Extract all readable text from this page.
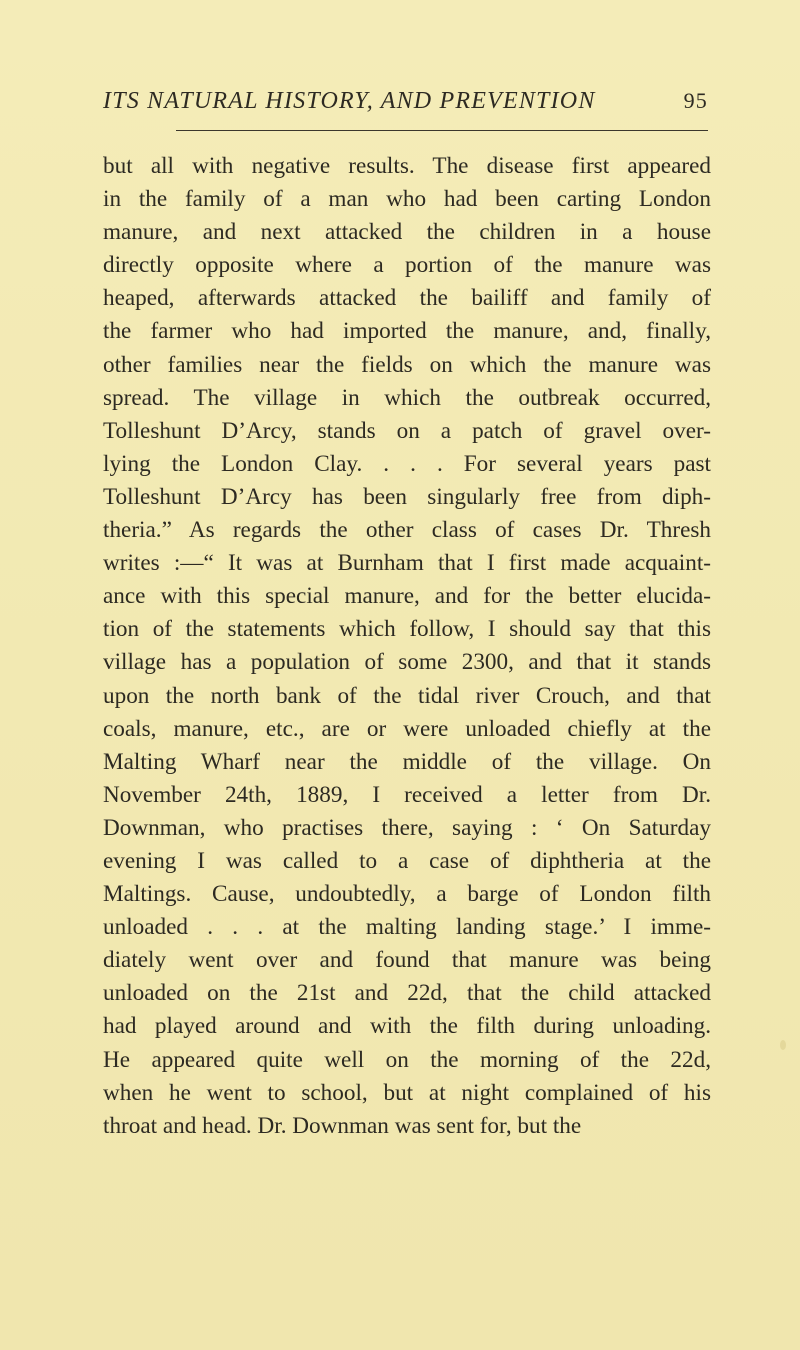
ITS NATURAL HISTORY, AND PREVENTION	95
but all with negative results. The disease first appeared
in the family of a man who had been carting London
manure, and next attacked the children in a house
directly opposite where a portion of the manure was
heaped, afterwards attacked the bailiff and family of
the farmer who had imported the manure, and, finally,
other families near the fields on which the manure was
spread. The village in which the outbreak occurred,
Tolleshunt D’Arcy, stands on a patch of gravel over-
lying the London Clay. . . . For several years past
Tolleshunt D’Arcy has been singularly free from diph-
theria.” As regards the other class of cases Dr. Thresh
writes :—“ It was at Burnham that I first made acquaint-
ance with this special manure, and for the better elucida-
tion of the statements which follow, I should say that this
village has a population of some 2300, and that it stands
upon the north bank of the tidal river Crouch, and that
coals, manure, etc., are or were unloaded chiefly at the
Malting Wharf near the middle of the village. On
November 24th, 1889, I received a letter from Dr.
Downman, who practises there, saying : ‘ On Saturday
evening I was called to a case of diphtheria at the
Maltings. Cause, undoubtedly, a barge of London filth
unloaded . . . at the malting landing stage.’ I imme-
diately went over and found that manure was being
unloaded on the 21st and 22d, that the child attacked
had played around and with the filth during unloading.
He appeared quite well on the morning of the 22d,
when he went to school, but at night complained of his
throat and head. Dr. Downman was sent for, but the
